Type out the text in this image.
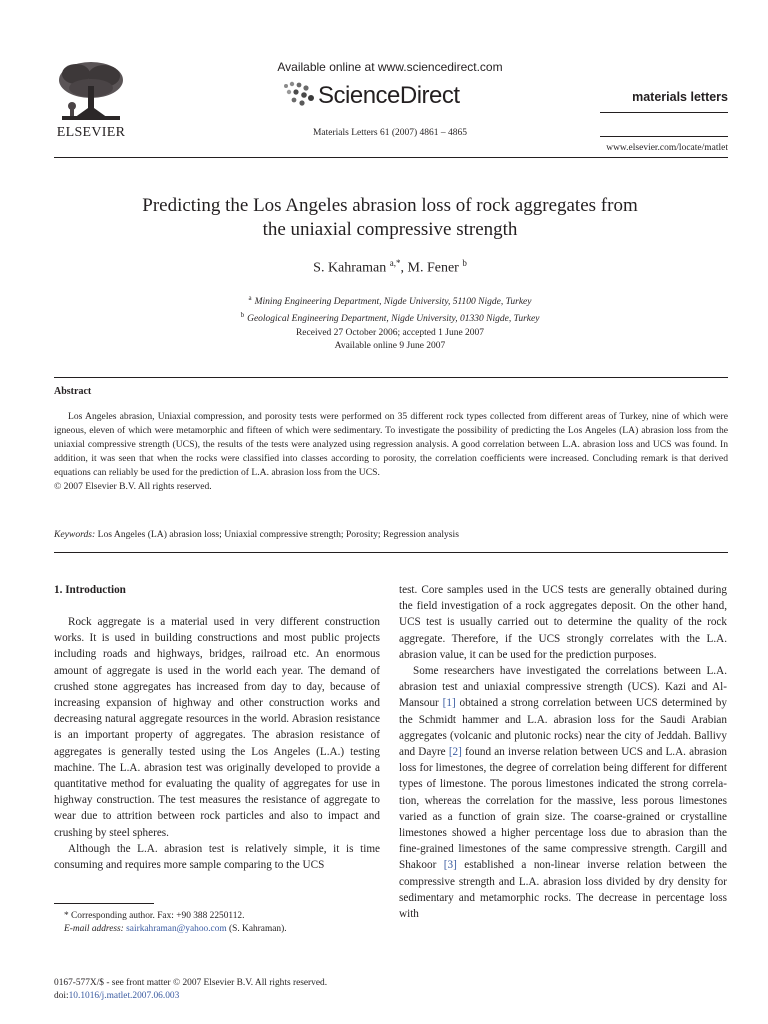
ELSEVIER
Available online at www.sciencedirect.com
ScienceDirect
Materials Letters 61 (2007) 4861 – 4865
materials letters
www.elsevier.com/locate/matlet
Predicting the Los Angeles abrasion loss of rock aggregates from
the uniaxial compressive strength
S. Kahraman $^{a,*}$, M. Fener $^b$
$^a$ Mining Engineering Department, Nigde University, 51100 Nigde, Turkey
$^b$ Geological Engineering Department, Nigde University, 01330 Nigde, Turkey
Received 27 October 2006; accepted 1 June 2007
Available online 9 June 2007
Abstract

Los Angeles abrasion, Uniaxial compression, and porosity tests were performed on 35 different rock types collected from different areas of Turkey, nine of which were igneous, eleven of which were metamorphic and fifteen of which were sedimentary. To investigate the possibility of predicting the Los Angeles (LA) abrasion loss from the uniaxial compressive strength (UCS), the results of the tests were analyzed using regression analysis. A good correlation between L.A. abrasion loss and UCS was found. In addition, it was seen that when the rocks were classified into classes according to porosity, the correlation coefficients were increased. Concluding remark is that derived equations can reliably be used for the prediction of L.A. abrasion loss from the UCS.

© 2007 Elsevier B.V. All rights reserved.

Keywords: Los Angeles (LA) abrasion loss; Uniaxial compressive strength; Porosity; Regression analysis
1. Introduction

Rock aggregate is a material used in very different construction works. It is used in building constructions and most public projects including roads and highways, bridges, railroad etc. An enormous amount of aggregate is used in the world each year. The demand of crushed stone aggregates has increased from day to day, because of increasing expansion of highway and other construction works and decreasing natural aggregate resources in the world. Abrasion resistance is an important property of aggregates. The abrasion resistance of aggregates is generally tested using the Los Angeles (L.A.) testing machine. The L.A. abrasion test was originally developed to provide a quantitative method for evaluating the quality of aggregates for use in highway construction. The test measures the resistance of aggregate to wear due to attrition between rock particles and also to impact and crushing by steel spheres.

Although the L.A. abrasion test is relatively simple, it is time consuming and requires more sample comparing to the UCS

test. Core samples used in the UCS tests are generally obtained during the field investigation of a rock aggregates deposit. On the other hand, UCS test is usually carried out to determine the quality of the rock aggregate. Therefore, if the UCS strongly correlates with the L.A. abrasion value, it can be used for the prediction purposes.

Some researchers have investigated the correlations between L.A. abrasion test and uniaxial compressive strength (UCS). Kazi and Al-Mansour [1] obtained a strong correlation between UCS determined by the Schmidt hammer and L.A. abrasion loss for the Saudi Arabian aggregates (volcanic and plutonic rocks) near the city of Jeddah. Ballivy and Dayre [2] found an inverse relation between UCS and L.A. abrasion loss for limestones, the degree of correlation being different for different types of limestone. The porous limestones indicated the strong correla-tion, whereas the correlation for the massive, less porous limestones varied as a function of grain size. The coarse-grained or crystalline limestones showed a higher percentage loss due to abrasion than the fine-grained limestones of the same compressive strength. Cargill and Shakoor [3] established a non-linear inverse relation between the compressive strength and L.A. abrasion loss divided by dry density for sedimentary and metamorphic rocks. The decrease in percentage loss with

* Corresponding author. Fax: +90 388 2250112.
E-mail address: sairkahraman@yahoo.com (S. Kahraman).
0167-577X/$ - see front matter © 2007 Elsevier B.V. All rights reserved.
doi:10.1016/j.matlet.2007.06.003
